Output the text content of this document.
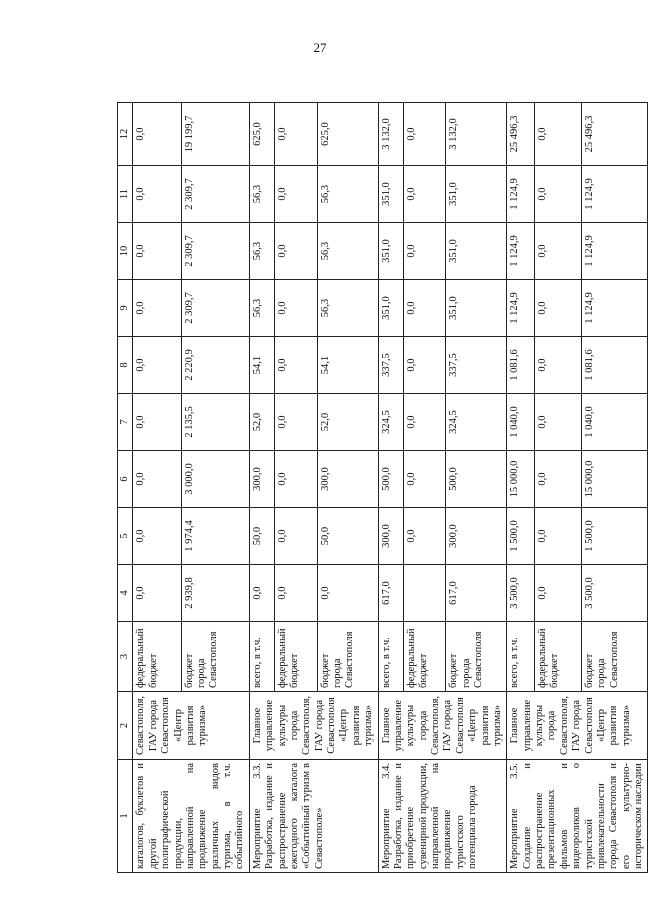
27
1	2	3	4	5	6	7	8	9	10	11	12
каталогов, буклетов и другой полиграфической продукции, направленной на продвижение различных видов туризма, в т.ч. событийного	Севастополя, ГАУ города Севастополя «Центр развития туризма»	федеральный бюджет	0,0	0,0	0,0	0,0	0,0	0,0	0,0	0,0	0,0
		бюджет города Севастополя	2 939,8	1 974,4	3 000,0	2 135,5	2 220,9	2 309,7	2 309,7	2 309,7	19 199,7
Мероприятие 3.3. Разработка, издание и распространение ежегодного каталога «Событийный туризм в Севастополе»	Главное управление культуры города Севастополя, ГАУ города Севастополя «Центр развития туризма»	всего, в т.ч.	0,0	50,0	300,0	52,0	54,1	56,3	56,3	56,3	625,0
		федеральный бюджет	0,0	0,0	0,0	0,0	0,0	0,0	0,0	0,0	0,0
		бюджет города Севастополя	0,0	50,0	300,0	52,0	54,1	56,3	56,3	56,3	625,0
Мероприятие 3.4. Разработка, издание и приобретение сувенирной продукции, направленной на продвижение туристского потенциала города	Главное управление культуры города Севастополя, ГАУ города Севастополя «Центр развития туризма»	всего, в т.ч.	617,0	300,0	500,0	324,5	337,5	351,0	351,0	351,0	3 132,0
		федеральный бюджет		0,0	0,0	0,0	0,0	0,0	0,0	0,0	0,0
		бюджет города Севастополя	617,0	300,0	500,0	324,5	337,5	351,0	351,0	351,0	3 132,0
Мероприятие 3.5. Создание и распространение презентационных фильмов и видеороликов о туристской привлекательности города Севастополя и его культурно-историческом наследии	Главное управление культуры города Севастополя, ГАУ города Севастополя «Центр развития туризма»	всего, в т.ч.	3 500,0	1 500,0	15 000,0	1 040,0	1 081,6	1 124,9	1 124,9	1 124,9	25 496,3
		федеральный бюджет	0,0	0,0	0,0	0,0	0,0	0,0	0,0	0,0	0,0
		бюджет города Севастополя	3 500,0	1 500,0	15 000,0	1 040,0	1 081,6	1 124,9	1 124,9	1 124,9	25 496,3
